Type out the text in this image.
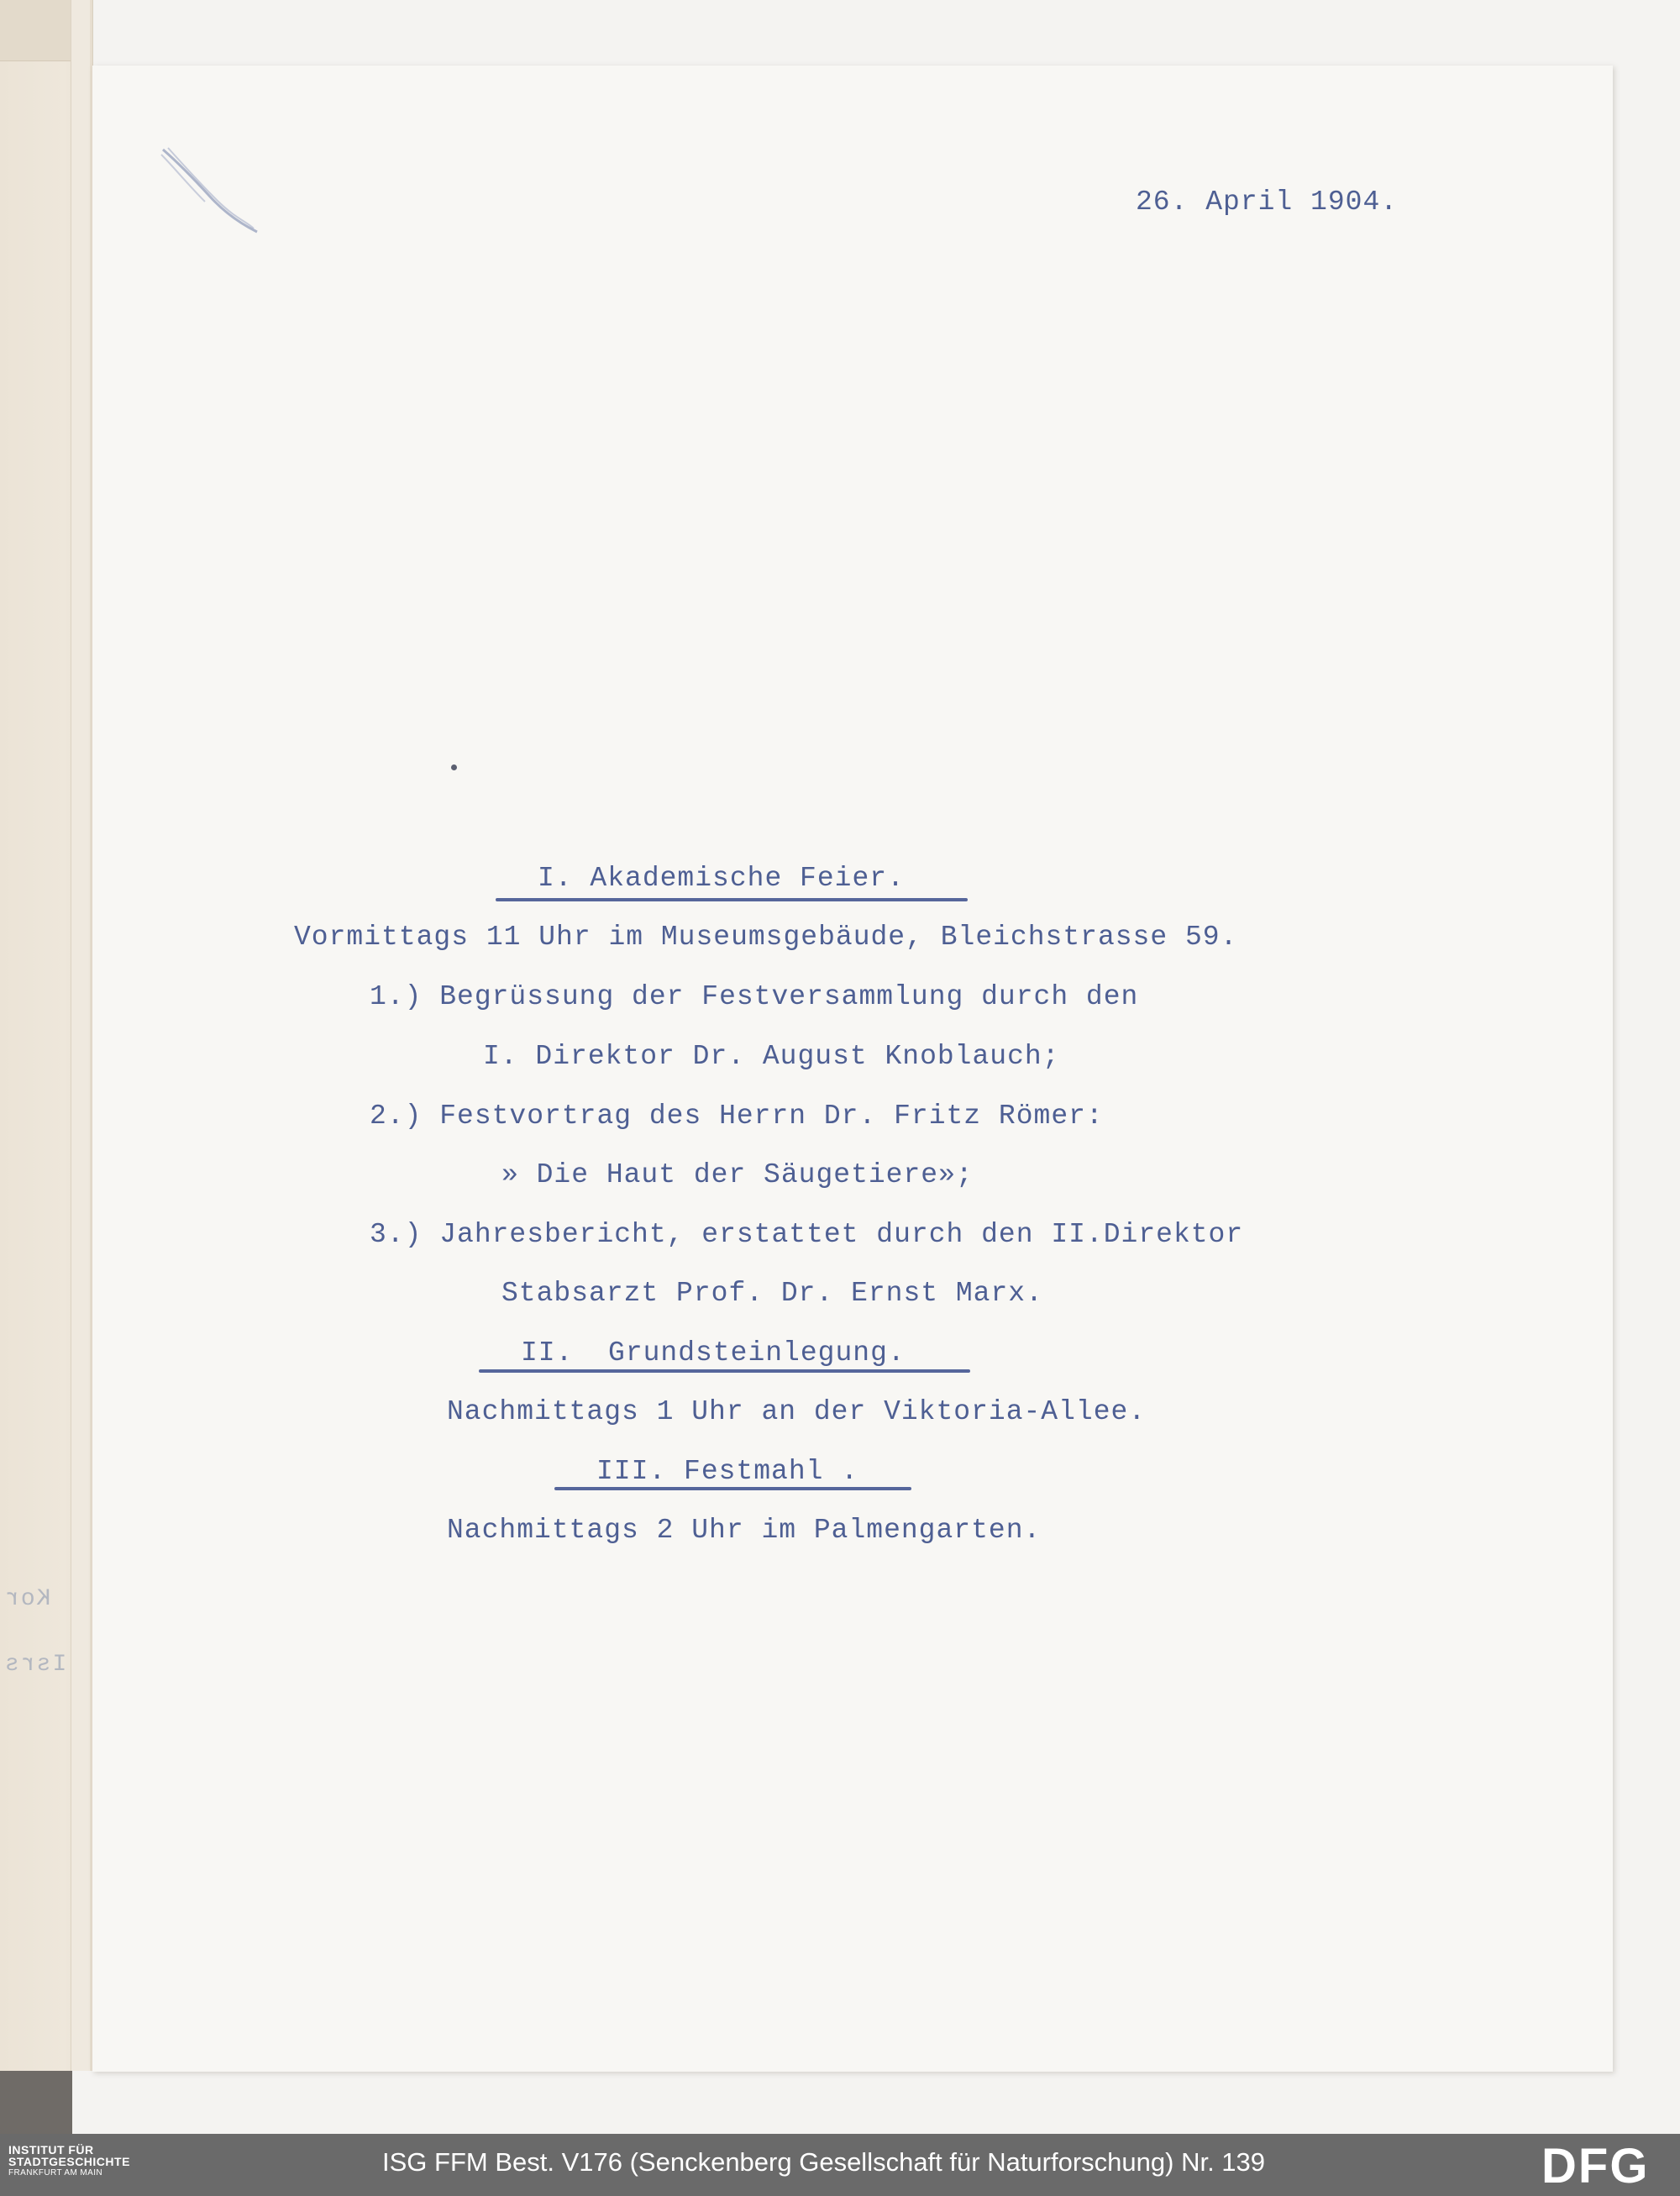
Kor
Isrs
26. April 1904.
I. Akademische Feier.
Vormittags 11 Uhr im Museumsgebäude, Bleichstrasse 59.
1.) Begrüssung der Festversammlung durch den
I. Direktor Dr. August Knoblauch;
2.) Festvortrag des Herrn Dr. Fritz Römer:
» Die Haut der Säugetiere»;
3.) Jahresbericht, erstattet durch den II.Direktor
Stabsarzt Prof. Dr. Ernst Marx.
II.  Grundsteinlegung.
Nachmittags 1 Uhr an der Viktoria-Allee.
III. Festmahl .
Nachmittags 2 Uhr im Palmengarten.
INSTITUT FÜR
STADTGESCHICHTE
FRANKFURT AM MAIN	ISG FFM Best. V176 (Senckenberg Gesellschaft für Naturforschung) Nr. 139	DFG
